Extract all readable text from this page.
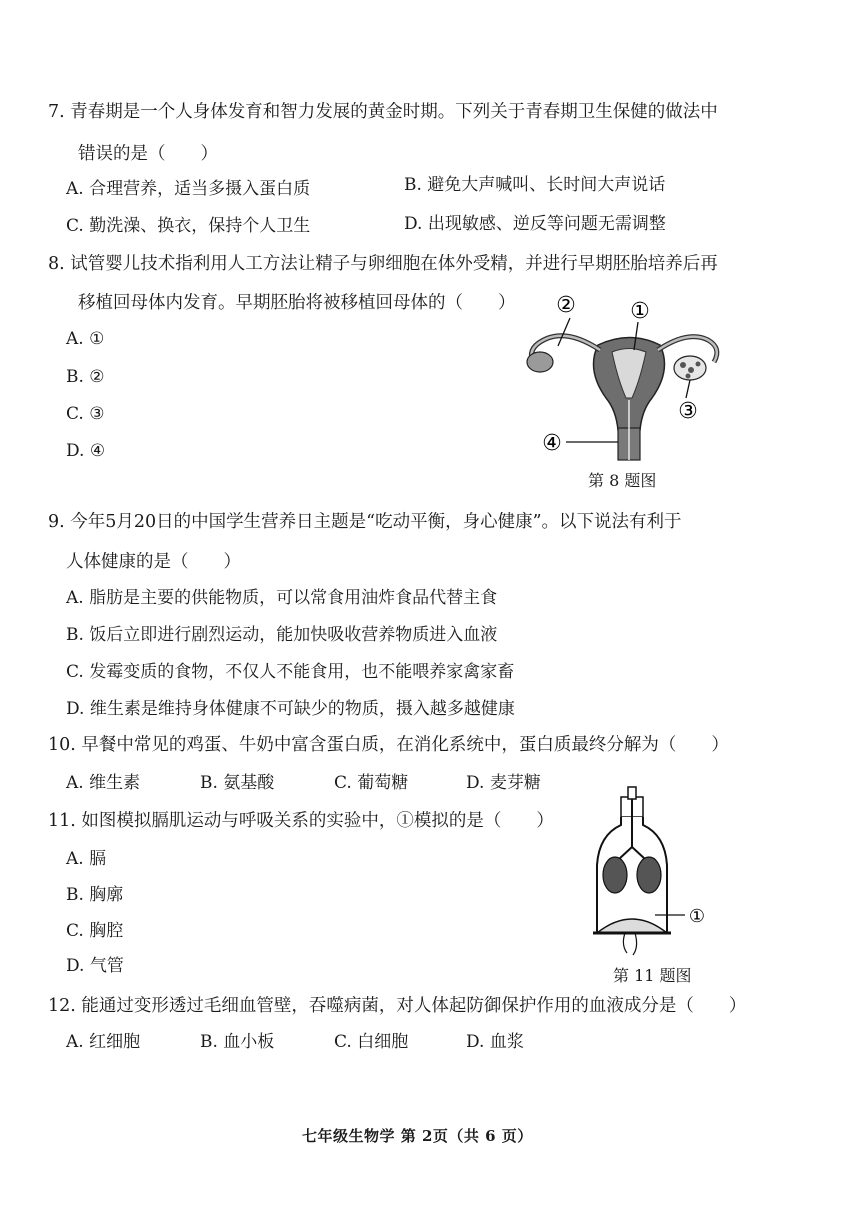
7. 青春期是一个人身体发育和智力发展的黄金时期。下列关于青春期卫生保健的做法中
错误的是（　　）
A. 合理营养，适当多摄入蛋白质	B. 避免大声喊叫、长时间大声说话
C. 勤洗澡、换衣，保持个人卫生	D. 出现敏感、逆反等问题无需调整
8. 试管婴儿技术指利用人工方法让精子与卵细胞在体外受精，并进行早期胚胎培养后再
移植回母体内发育。早期胚胎将被移植回母体的（　　）
A. ①
B. ②
C. ③
D. ④
② ①
③
④
第 8 题图
9. 今年5月20日的中国学生营养日主题是“吃动平衡，身心健康”。以下说法有利于
人体健康的是（　　）
A. 脂肪是主要的供能物质，可以常食用油炸食品代替主食
B. 饭后立即进行剧烈运动，能加快吸收营养物质进入血液
C. 发霉变质的食物，不仅人不能食用，也不能喂养家禽家畜
D. 维生素是维持身体健康不可缺少的物质，摄入越多越健康
10. 早餐中常见的鸡蛋、牛奶中富含蛋白质，在消化系统中，蛋白质最终分解为（　　）
A. 维生素	B. 氨基酸	C. 葡萄糖	D. 麦芽糖
11. 如图模拟膈肌运动与呼吸关系的实验中，①模拟的是（　　）
A. 膈
B. 胸廓
C. 胸腔
D. 气管
①
第 11 题图
12. 能通过变形透过毛细血管壁，吞噬病菌，对人体起防御保护作用的血液成分是（　　）
A. 红细胞	B. 血小板	C. 白细胞	D. 血浆
七年级生物学 第 2页（共 6 页）
